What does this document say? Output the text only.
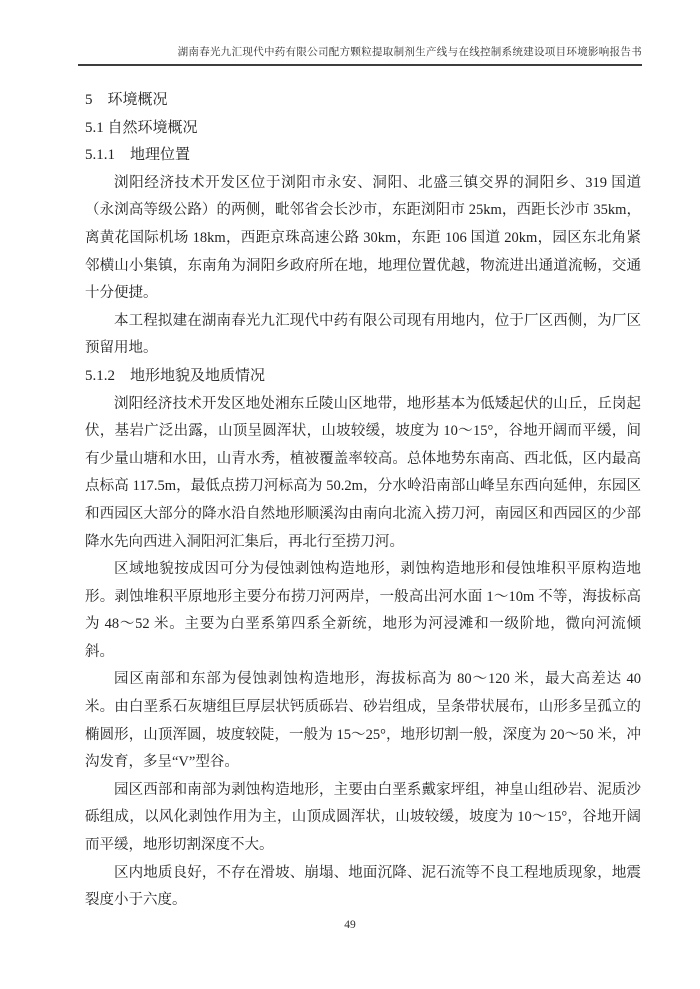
湖南春光九汇现代中药有限公司配方颗粒提取制剂生产线与在线控制系统建设项目环境影响报告书
5　环境概况
5.1 自然环境概况
5.1.1　地理位置

浏阳经济技术开发区位于浏阳市永安、洞阳、北盛三镇交界的洞阳乡、319 国道（永浏高等级公路）的两侧，毗邻省会长沙市，东距浏阳市 25km，西距长沙市 35km，离黄花国际机场 18km，西距京珠高速公路 30km，东距 106 国道 20km，园区东北角紧邻横山小集镇，东南角为洞阳乡政府所在地，地理位置优越，物流进出通道流畅，交通十分便捷。

本工程拟建在湖南春光九汇现代中药有限公司现有用地内，位于厂区西侧，为厂区预留用地。

5.1.2　地形地貌及地质情况

浏阳经济技术开发区地处湘东丘陵山区地带，地形基本为低矮起伏的山丘，丘岗起伏，基岩广泛出露，山顶呈圆浑状，山坡较缓，坡度为 10～15°，谷地开阔而平缓，间有少量山塘和水田，山青水秀，植被覆盖率较高。总体地势东南高、西北低，区内最高点标高 117.5m，最低点捞刀河标高为 50.2m，分水岭沿南部山峰呈东西向延伸，东园区和西园区大部分的降水沿自然地形顺溪沟由南向北流入捞刀河，南园区和西园区的少部降水先向西进入洞阳河汇集后，再北行至捞刀河。

区域地貌按成因可分为侵蚀剥蚀构造地形，剥蚀构造地形和侵蚀堆积平原构造地形。剥蚀堆积平原地形主要分布捞刀河两岸，一般高出河水面 1～10m 不等，海拔标高为 48～52 米。主要为白垩系第四系全新统，地形为河浸滩和一级阶地，微向河流倾斜。

园区南部和东部为侵蚀剥蚀构造地形，海拔标高为 80～120 米，最大高差达 40 米。由白垩系石灰塘组巨厚层状钙质砾岩、砂岩组成，呈条带状展布，山形多呈孤立的椭圆形，山顶浑圆，坡度较陡，一般为 15～25°，地形切割一般，深度为 20～50 米，冲沟发育，多呈“V”型谷。

园区西部和南部为剥蚀构造地形，主要由白垩系戴家坪组，神皇山组砂岩、泥质沙砾组成，以风化剥蚀作用为主，山顶成圆浑状，山坡较缓，坡度为 10～15°，谷地开阔而平缓，地形切割深度不大。

区内地质良好，不存在滑坡、崩塌、地面沉降、泥石流等不良工程地质现象，地震裂度小于六度。

49
